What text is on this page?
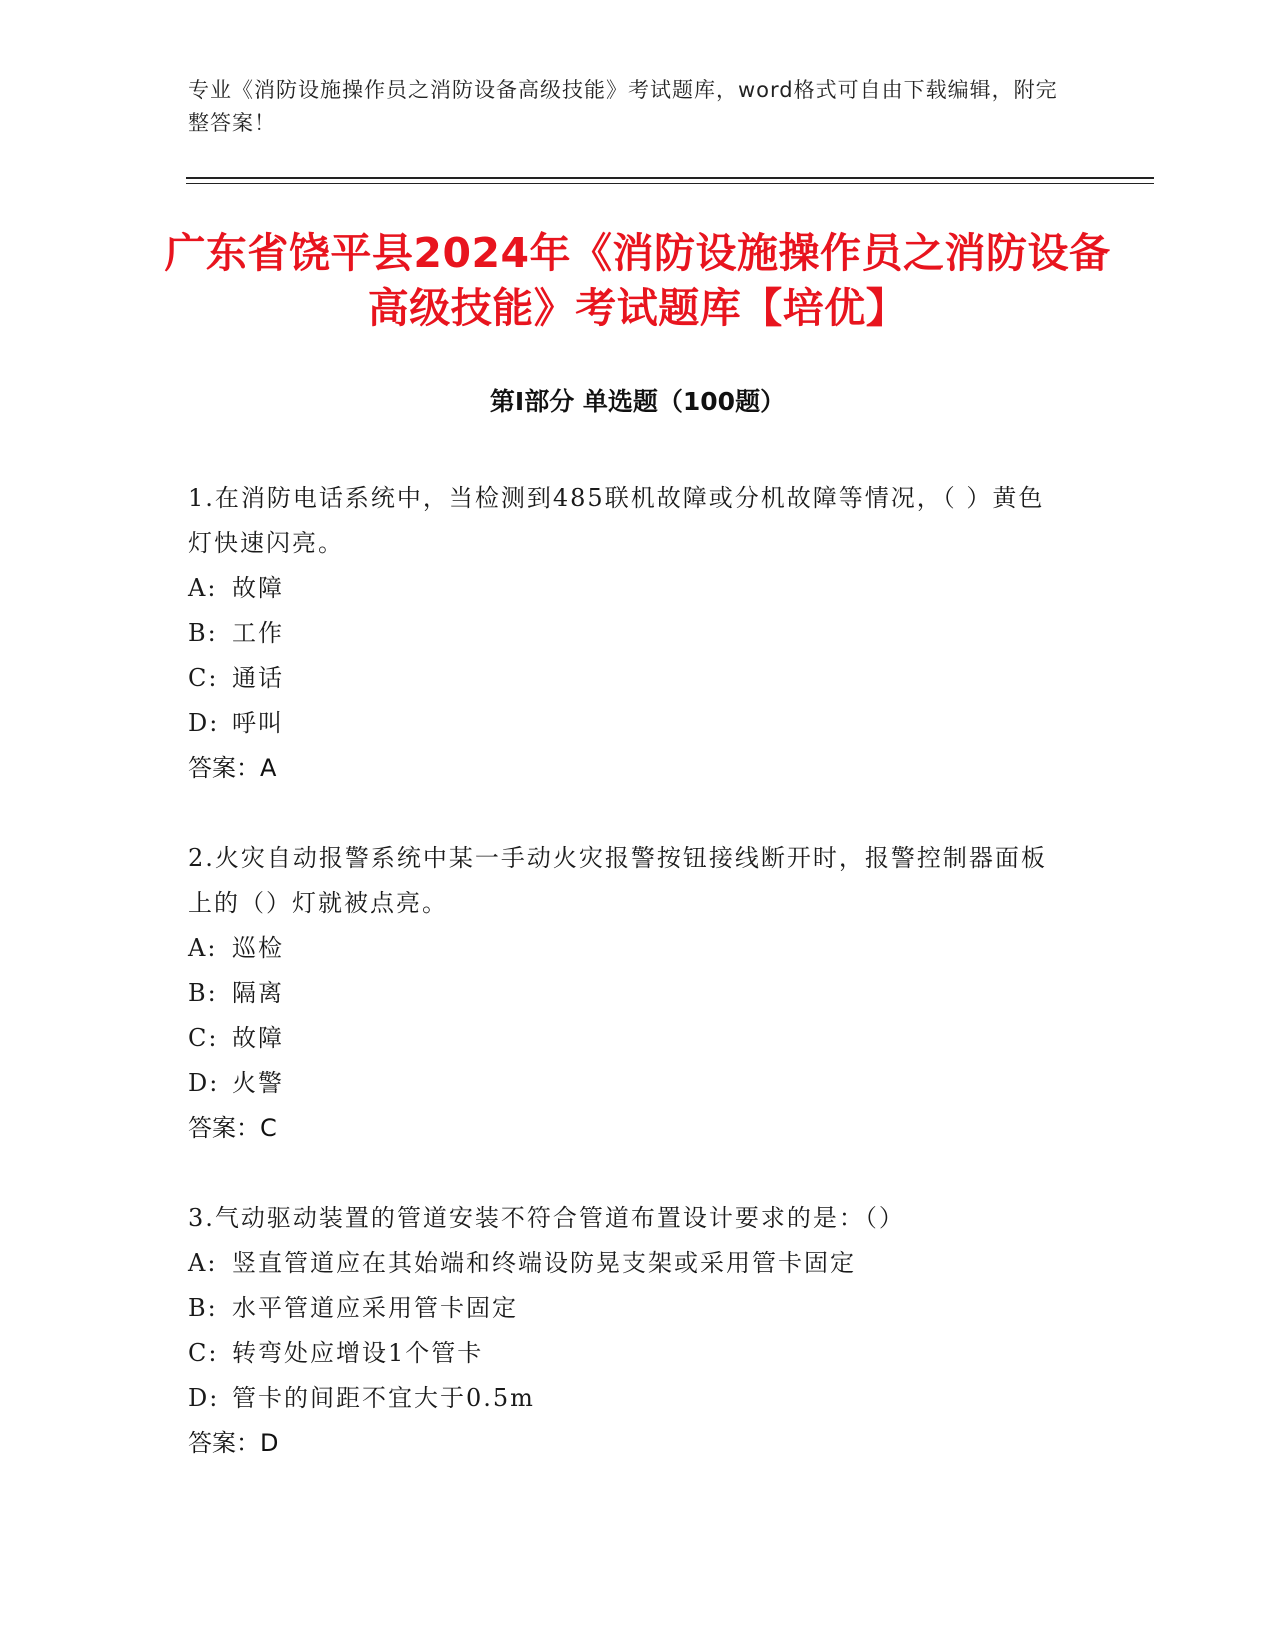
专业《消防设施操作员之消防设备高级技能》考试题库，word格式可自由下载编辑，附完整答案！
广东省饶平县2024年《消防设施操作员之消防设备高级技能》考试题库【培优】
第I部分 单选题（100题）
1.在消防电话系统中，当检测到485联机故障或分机故障等情况，（ ）黄色灯快速闪亮。
A: 故障
B: 工作
C: 通话
D: 呼叫
答案：A
2.火灾自动报警系统中某一手动火灾报警按钮接线断开时，报警控制器面板上的（）灯就被点亮。
A: 巡检
B: 隔离
C: 故障
D: 火警
答案：C
3.气动驱动装置的管道安装不符合管道布置设计要求的是：（）
A: 竖直管道应在其始端和终端设防晃支架或采用管卡固定
B: 水平管道应采用管卡固定
C: 转弯处应增设1个管卡
D: 管卡的间距不宜大于0.5m
答案：D
